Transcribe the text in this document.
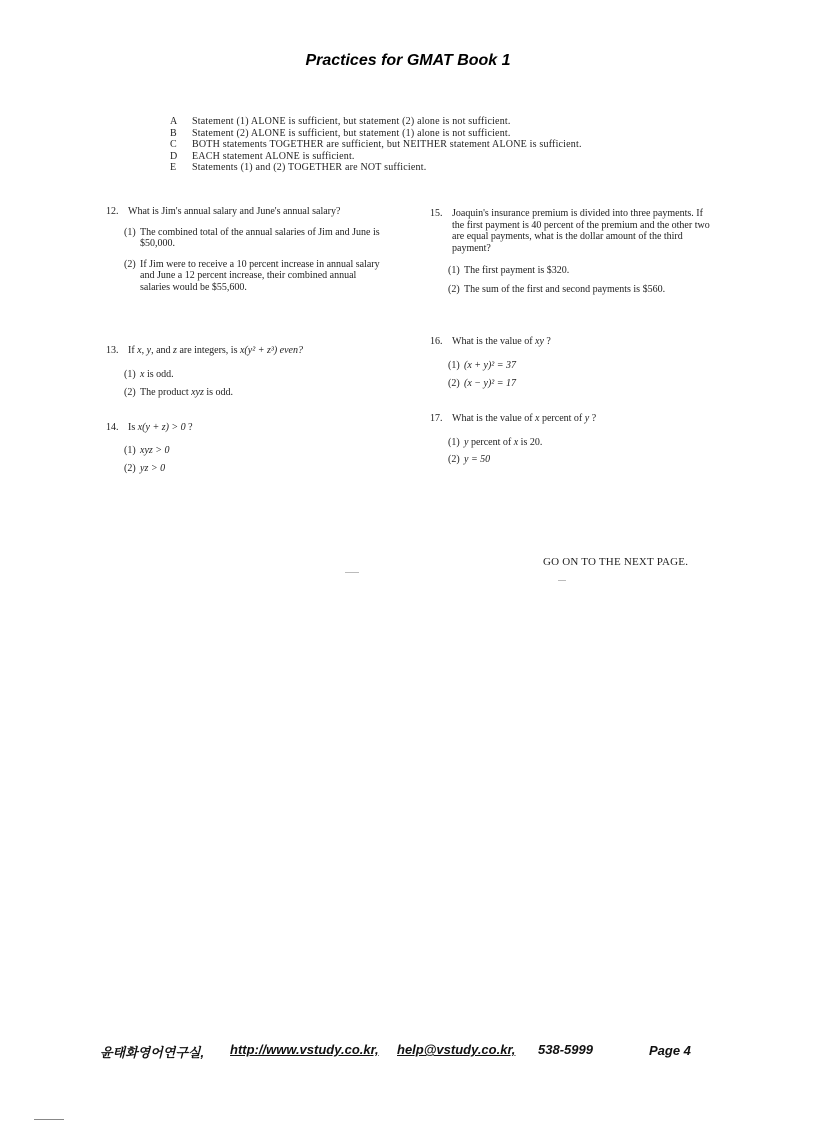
Practices for GMAT Book 1
A	Statement (1) ALONE is sufficient, but statement (2) alone is not sufficient.
B	Statement (2) ALONE is sufficient, but statement (1) alone is not sufficient.
C	BOTH statements TOGETHER are sufficient, but NEITHER statement ALONE is sufficient.
D	EACH statement ALONE is sufficient.
E	Statements (1) and (2) TOGETHER are NOT sufficient.
12. What is Jim's annual salary and June's annual salary?
(1) The combined total of the annual salaries of Jim and June is $50,000.
(2) If Jim were to receive a 10 percent increase in annual salary and June a 12 percent increase, their combined annual salaries would be $55,600.
13. If x, y, and z are integers, is x(y² + z³) even?
(1) x is odd.
(2) The product xyz is odd.
14. Is x(y + z) > 0 ?
(1) xyz > 0
(2) yz > 0
15. Joaquin's insurance premium is divided into three payments. If the first payment is 40 percent of the premium and the other two are equal payments, what is the dollar amount of the third payment?
(1) The first payment is $320.
(2) The sum of the first and second payments is $560.
16. What is the value of xy ?
(1) (x + y)² = 37
(2) (x − y)² = 17
17. What is the value of x percent of y ?
(1) y percent of x is 20.
(2) y = 50
GO ON TO THE NEXT PAGE.
윤태화영어연구실, http://www.vstudy.co.kr, help@vstudy.co.kr, 538-5999	Page 4
